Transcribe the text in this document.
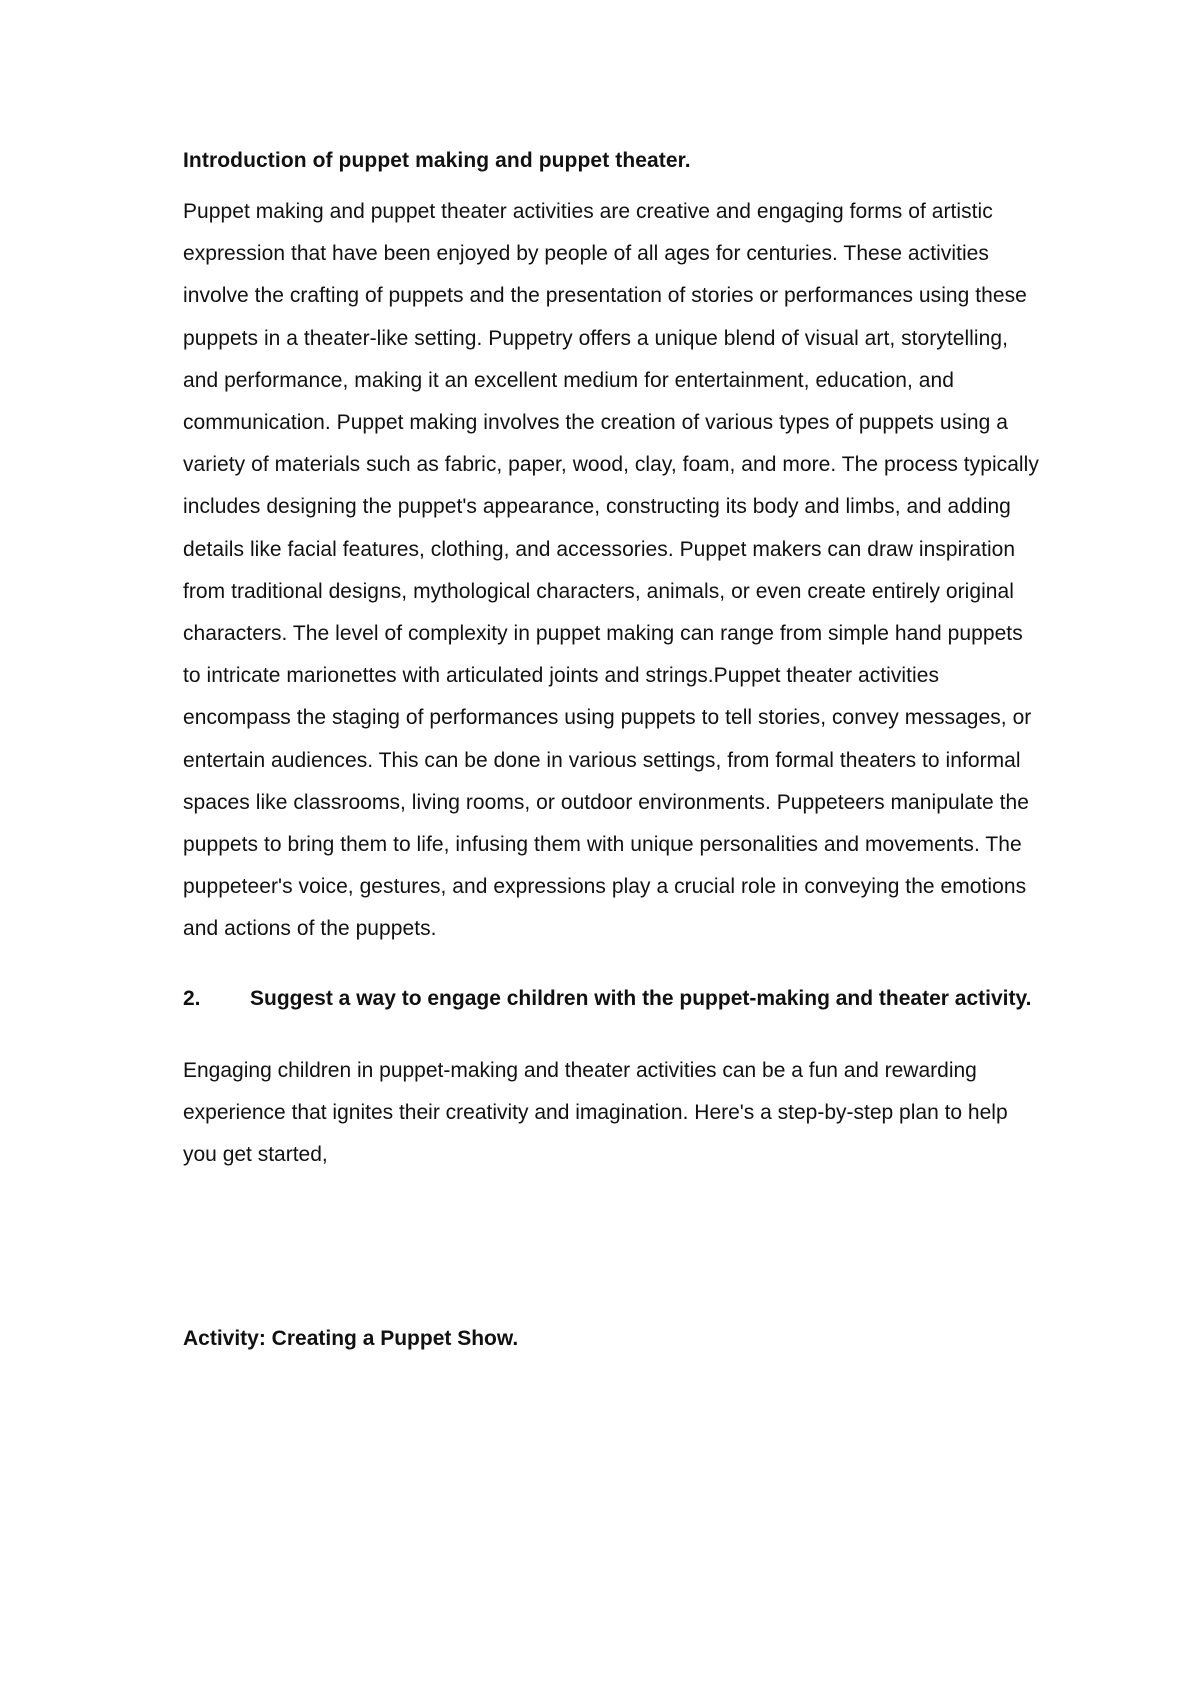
Introduction of puppet making and puppet theater.

Puppet making and puppet theater activities are creative and engaging forms of artistic expression that have been enjoyed by people of all ages for centuries. These activities involve the crafting of puppets and the presentation of stories or performances using these puppets in a theater-like setting. Puppetry offers a unique blend of visual art, storytelling, and performance, making it an excellent medium for entertainment, education, and communication. Puppet making involves the creation of various types of puppets using a variety of materials such as fabric, paper, wood, clay, foam, and more. The process typically includes designing the puppet's appearance, constructing its body and limbs, and adding details like facial features, clothing, and accessories. Puppet makers can draw inspiration from traditional designs, mythological characters, animals, or even create entirely original characters. The level of complexity in puppet making can range from simple hand puppets to intricate marionettes with articulated joints and strings.Puppet theater activities encompass the staging of performances using puppets to tell stories, convey messages, or entertain audiences. This can be done in various settings, from formal theaters to informal spaces like classrooms, living rooms, or outdoor environments. Puppeteers manipulate the puppets to bring them to life, infusing them with unique personalities and movements. The puppeteer's voice, gestures, and expressions play a crucial role in conveying the emotions and actions of the puppets.

2. Suggest a way to engage children with the puppet-making and theater activity.

Engaging children in puppet-making and theater activities can be a fun and rewarding experience that ignites their creativity and imagination. Here's a step-by-step plan to help you get started,

Activity: Creating a Puppet Show.
